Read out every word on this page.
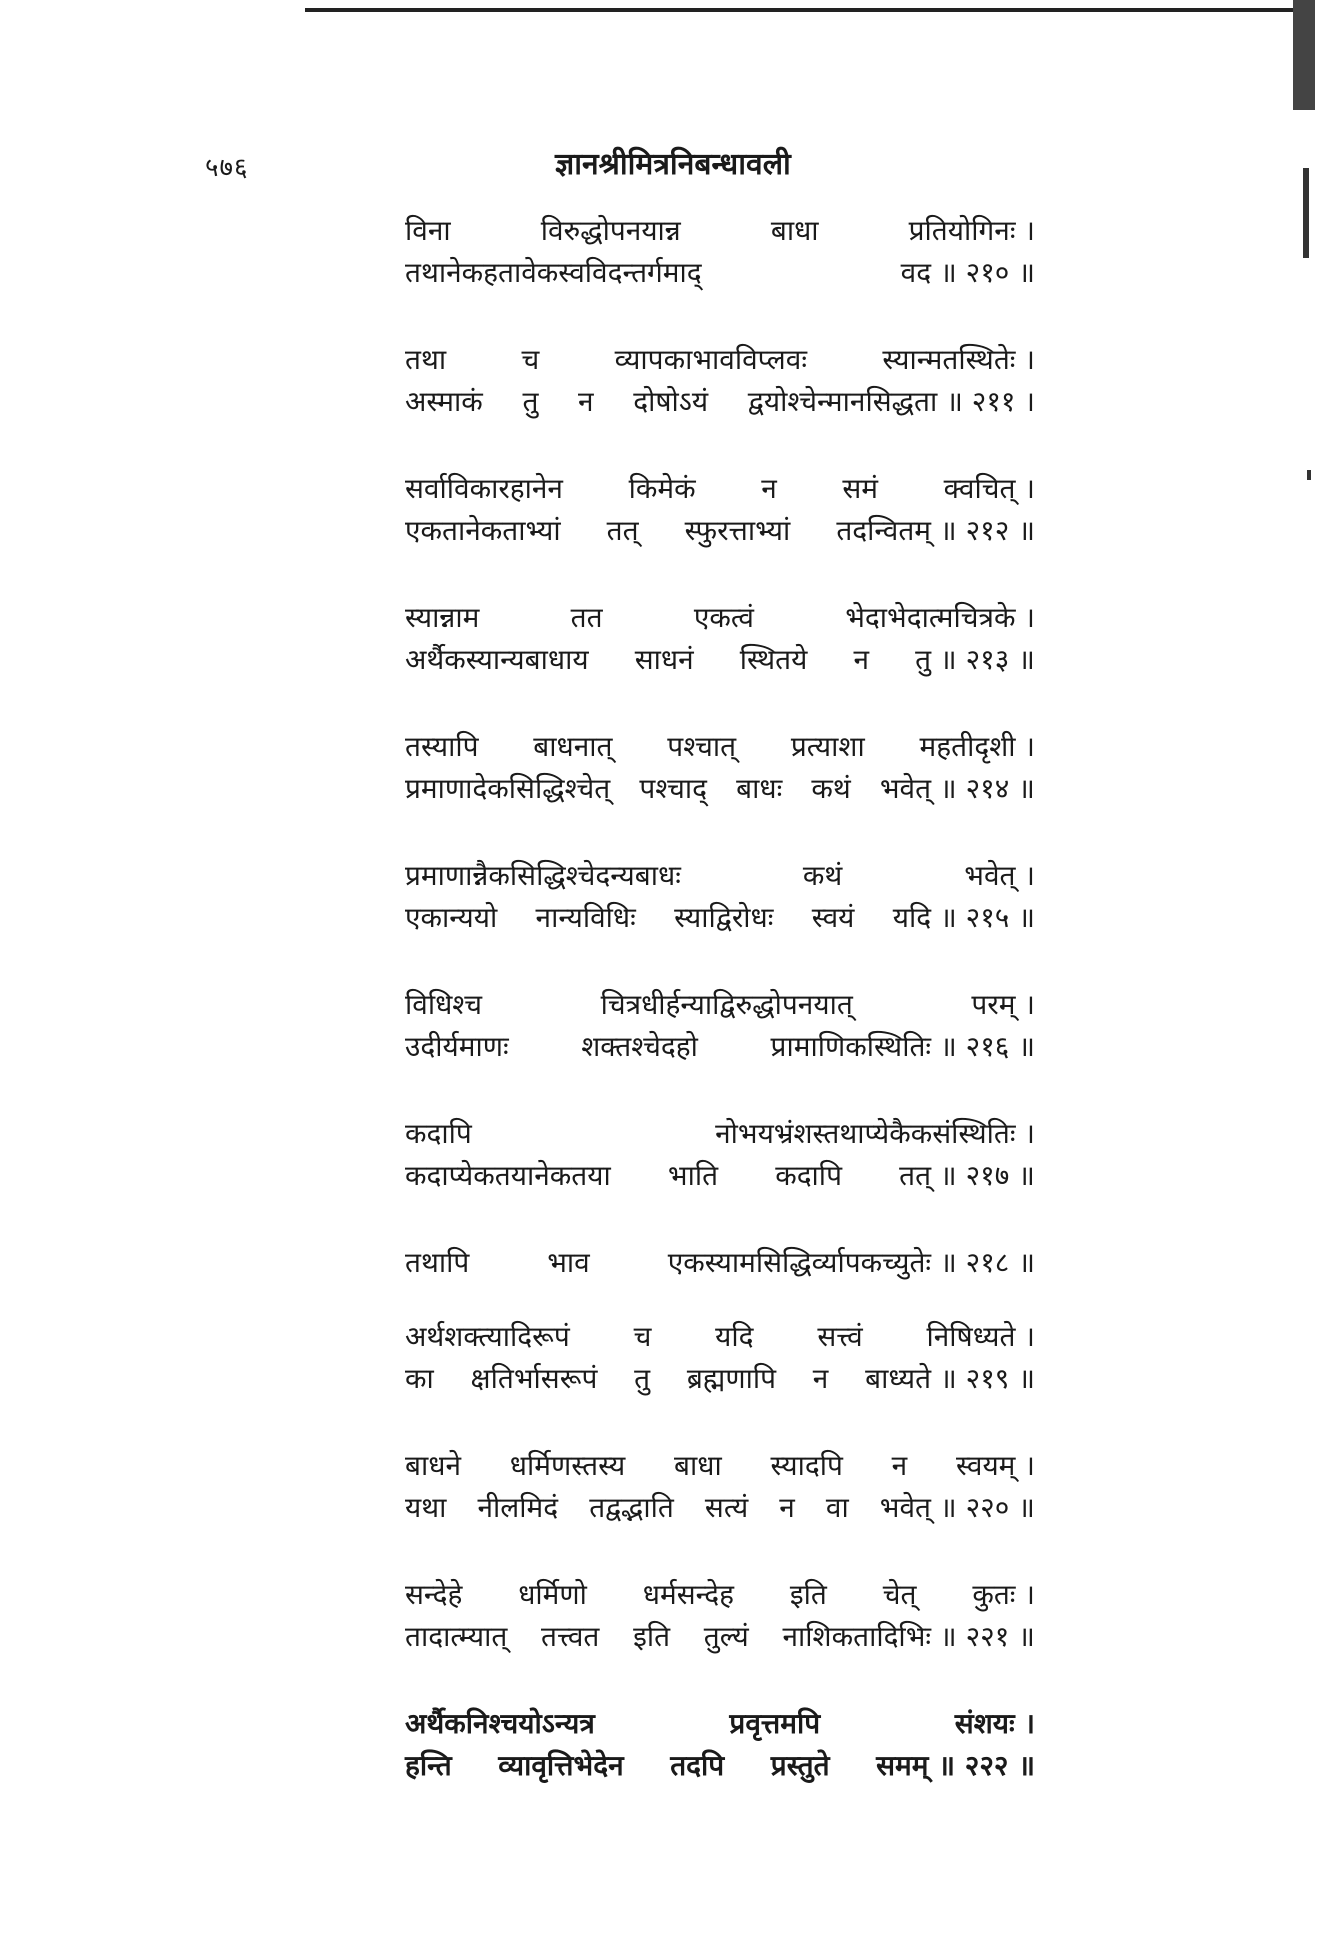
५७६	ज्ञानश्रीमित्रनिबन्धावली
विना	विरुद्धोपनयान्न	बाधा	प्रतियोगिनः ।
तथानेकहतावेकस्वविदन्तर्गमाद्	वद ॥ २१० ॥
तथा	च	व्यापकाभावविप्लवः	स्यान्मतस्थितेः ।
अस्माकं तु न दोषोऽयं द्वयोश्चेन्मानसिद्धता ॥ २११ ।
सर्वाविकारहानेन किमेकं न समं क्वचित् ।
एकतानेकताभ्यां तत् स्फुरत्ताभ्यां तदन्वितम् ॥ २१२ ॥
स्यान्नाम	तत	एकत्वं	भेदाभेदात्मचित्रके ।
अर्थैकस्यान्यबाधाय साधनं स्थितये न तु ॥ २१३ ॥
तस्यापि बाधनात् पश्चात् प्रत्याशा महतीदृशी ।
प्रमाणादेकसिद्धिश्चेत् पश्चाद् बाधः कथं भवेत् ॥ २१४ ॥
प्रमाणान्नैकसिद्धिश्चेदन्यबाधः	कथं	भवेत् ।
एकान्ययो नान्यविधिः स्याद्विरोधः स्वयं यदि ॥ २१५ ॥
विधिश्च	चित्रधीर्हन्याद्विरुद्धोपनयात्	परम् ।
उदीर्यमाणः	शक्तश्चेदहो	प्रामाणिकस्थितिः ॥ २१६ ॥
कदापि	नोभयभ्रंशस्तथाप्येकैकसंस्थितिः ।
कदाप्येकतयानेकतया भाति कदापि तत् ॥ २१७ ॥
तथापि	भाव	एकस्यामसिद्धिर्व्यापकच्युतेः ॥ २१८ ॥
अर्थशक्त्यादिरूपं च यदि सत्त्वं निषिध्यते ।
का क्षतिर्भासरूपं तु ब्रह्मणापि न बाध्यते ॥ २१९ ॥
बाधने धर्मिणस्तस्य बाधा स्यादपि न स्वयम् ।
यथा नीलमिदं तद्वद्भाति सत्यं न वा भवेत् ॥ २२० ॥
सन्देहे धर्मिणो धर्मसन्देह इति चेत् कुतः ।
तादात्म्यात् तत्त्वत इति तुल्यं नाशिकतादिभिः ॥ २२१ ॥
अर्थैकनिश्चयोऽन्यत्र	प्रवृत्तमपि	संशयः ।
हन्ति व्यावृत्तिभेदेन तदपि प्रस्तुते समम् ॥ २२२ ॥
